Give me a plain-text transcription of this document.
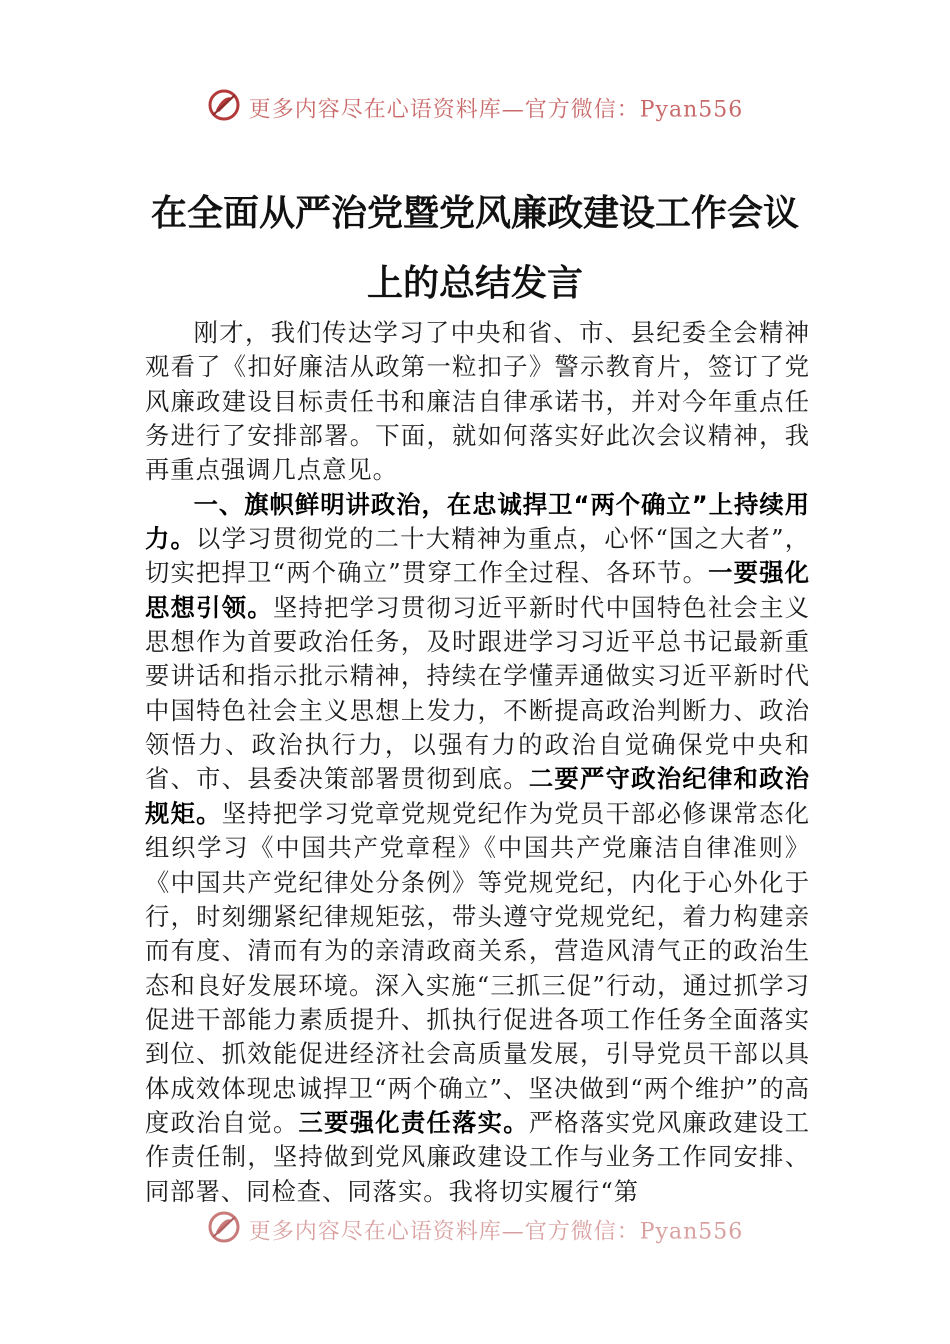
更多内容尽在心语资料库—官方微信：Pyan556
在全面从严治党暨党风廉政建设工作会议
上的总结发言

刚才，我们传达学习了中央和省、市、县纪委全会精神观看了《扣好廉洁从政第一粒扣子》警示教育片，签订了党风廉政建设目标责任书和廉洁自律承诺书，并对今年重点任务进行了安排部署。下面，就如何落实好此次会议精神，我再重点强调几点意见。

一、旗帜鲜明讲政治，在忠诚捍卫“两个确立”上持续用力。以学习贯彻党的二十大精神为重点，心怀“国之大者”，切实把捍卫“两个确立”贯穿工作全过程、各环节。一要强化思想引领。坚持把学习贯彻习近平新时代中国特色社会主义思想作为首要政治任务，及时跟进学习习近平总书记最新重要讲话和指示批示精神，持续在学懂弄通做实习近平新时代中国特色社会主义思想上发力，不断提高政治判断力、政治领悟力、政治执行力，以强有力的政治自觉确保党中央和省、市、县委决策部署贯彻到底。二要严守政治纪律和政治规矩。坚持把学习党章党规党纪作为党员干部必修课常态化组织学习《中国共产党章程》《中国共产党廉洁自律准则》《中国共产党纪律处分条例》等党规党纪，内化于心外化于行，时刻绷紧纪律规矩弦，带头遵守党规党纪，着力构建亲而有度、清而有为的亲清政商关系，营造风清气正的政治生态和良好发展环境。深入实施“三抓三促”行动，通过抓学习促进干部能力素质提升、抓执行促进各项工作任务全面落实到位、抓效能促进经济社会高质量发展，引导党员干部以具体成效体现忠诚捍卫“两个确立”、坚决做到“两个维护”的高度政治自觉。三要强化责任落实。严格落实党风廉政建设工作责任制，坚持做到党风廉政建设工作与业务工作同安排、同部署、同检查、同落实。我将切实履行“第

更多内容尽在心语资料库—官方微信：Pyan556
